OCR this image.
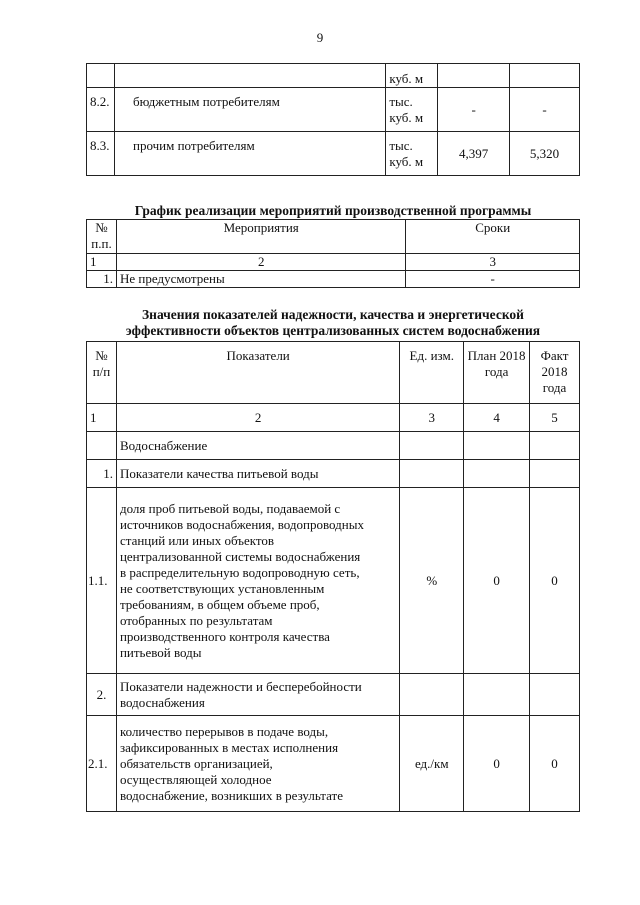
9
		куб. м		
8.2.	бюджетным потребителям	тыс. куб. м	-	-
8.3.	прочим потребителям	тыс. куб. м	4,397	5,320
График реализации мероприятий производственной программы
№ п.п.	Мероприятия	Сроки
1	2	3
1.	Не предусмотрены	-
Значения показателей надежности, качества и энергетической
эффективности объектов централизованных систем водоснабжения
№ п/п	Показатели	Ед. изм.	План 2018 года	Факт 2018 года
1	2	3	4	5
	Водоснабжение			
1.	Показатели качества питьевой воды			
1.1.	доля проб питьевой воды, подаваемой с источников водоснабжения, водопроводных станций или иных объектов централизованной системы водоснабжения в распределительную водопроводную сеть, не соответствующих установленным требованиям, в общем объеме проб, отобранных по результатам производственного контроля качества питьевой воды	%	0	0
2.	Показатели надежности и бесперебойности водоснабжения			
2.1.	количество перерывов в подаче воды, зафиксированных в местах исполнения обязательств организацией, осуществляющей холодное водоснабжение, возникших в результате	ед./км	0	0
